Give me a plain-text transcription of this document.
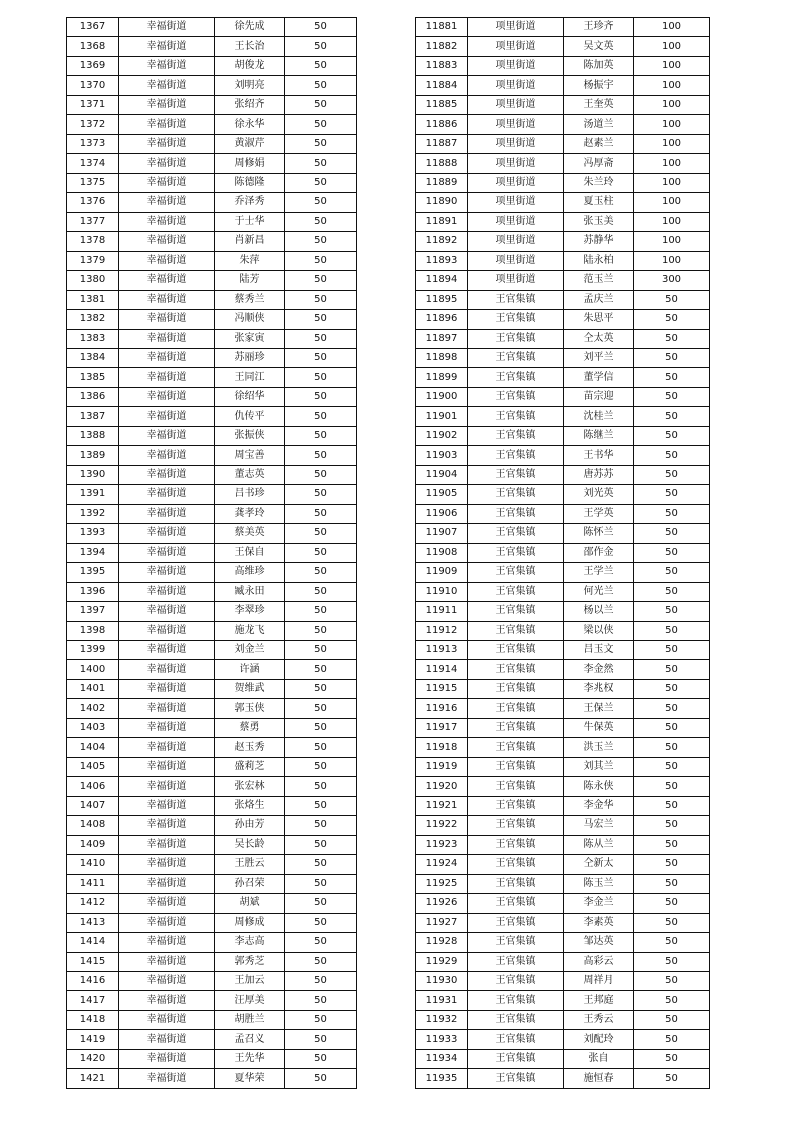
1367	幸福街道	徐先成	50
1368	幸福街道	王长治	50
1369	幸福街道	胡俊龙	50
1370	幸福街道	刘明亮	50
1371	幸福街道	张绍齐	50
1372	幸福街道	徐永华	50
1373	幸福街道	黄淑芹	50
1374	幸福街道	周修娟	50
1375	幸福街道	陈德隆	50
1376	幸福街道	乔泽秀	50
1377	幸福街道	于士华	50
1378	幸福街道	肖新昌	50
1379	幸福街道	朱萍	50
1380	幸福街道	陆芳	50
1381	幸福街道	蔡秀兰	50
1382	幸福街道	冯顺侠	50
1383	幸福街道	张家寅	50
1384	幸福街道	苏丽珍	50
1385	幸福街道	王同江	50
1386	幸福街道	徐绍华	50
1387	幸福街道	仇传平	50
1388	幸福街道	张振侠	50
1389	幸福街道	周宝善	50
1390	幸福街道	董志英	50
1391	幸福街道	吕书珍	50
1392	幸福街道	龚孝玲	50
1393	幸福街道	蔡美英	50
1394	幸福街道	王保自	50
1395	幸福街道	高维珍	50
1396	幸福街道	臧永田	50
1397	幸福街道	李翠珍	50
1398	幸福街道	施龙飞	50
1399	幸福街道	刘金兰	50
1400	幸福街道	许涵	50
1401	幸福街道	贺维武	50
1402	幸福街道	郭玉侠	50
1403	幸福街道	蔡勇	50
1404	幸福街道	赵玉秀	50
1405	幸福街道	盛莉芝	50
1406	幸福街道	张宏林	50
1407	幸福街道	张烙生	50
1408	幸福街道	孙由芳	50
1409	幸福街道	吴长龄	50
1410	幸福街道	王胜云	50
1411	幸福街道	孙召荣	50
1412	幸福街道	胡斌	50
1413	幸福街道	周修成	50
1414	幸福街道	李志高	50
1415	幸福街道	郭秀芝	50
1416	幸福街道	王加云	50
1417	幸福街道	汪厚美	50
1418	幸福街道	胡胜兰	50
1419	幸福街道	孟召义	50
1420	幸福街道	王先华	50
1421	幸福街道	夏华荣	50
11881	项里街道	王珍齐	100
11882	项里街道	吴文英	100
11883	项里街道	陈加英	100
11884	项里街道	杨振宇	100
11885	项里街道	王奎英	100
11886	项里街道	汤道兰	100
11887	项里街道	赵素兰	100
11888	项里街道	冯厚斋	100
11889	项里街道	朱兰玲	100
11890	项里街道	夏玉柱	100
11891	项里街道	张玉美	100
11892	项里街道	苏静华	100
11893	项里街道	陆永柏	100
11894	项里街道	范玉兰	300
11895	王官集镇	孟庆兰	50
11896	王官集镇	朱思平	50
11897	王官集镇	仝太英	50
11898	王官集镇	刘平兰	50
11899	王官集镇	董学信	50
11900	王官集镇	苗宗迎	50
11901	王官集镇	沈桂兰	50
11902	王官集镇	陈继兰	50
11903	王官集镇	王书华	50
11904	王官集镇	唐苏苏	50
11905	王官集镇	刘光英	50
11906	王官集镇	王学英	50
11907	王官集镇	陈怀兰	50
11908	王官集镇	邵作金	50
11909	王官集镇	王学兰	50
11910	王官集镇	何光兰	50
11911	王官集镇	杨以兰	50
11912	王官集镇	梁以侠	50
11913	王官集镇	吕玉文	50
11914	王官集镇	李金然	50
11915	王官集镇	李兆权	50
11916	王官集镇	王保兰	50
11917	王官集镇	牛保英	50
11918	王官集镇	洪玉兰	50
11919	王官集镇	刘其兰	50
11920	王官集镇	陈永侠	50
11921	王官集镇	李金华	50
11922	王官集镇	马宏兰	50
11923	王官集镇	陈从兰	50
11924	王官集镇	仝新太	50
11925	王官集镇	陈玉兰	50
11926	王官集镇	李金兰	50
11927	王官集镇	李素英	50
11928	王官集镇	邹达英	50
11929	王官集镇	高彩云	50
11930	王官集镇	周祥月	50
11931	王官集镇	王邦庭	50
11932	王官集镇	王秀云	50
11933	王官集镇	刘配玲	50
11934	王官集镇	张自	50
11935	王官集镇	施恒春	50
